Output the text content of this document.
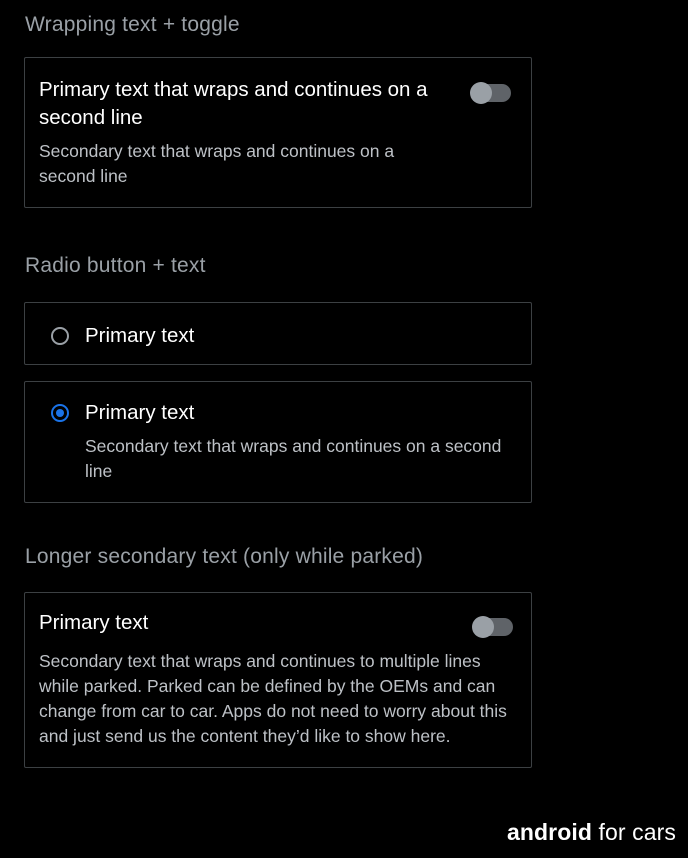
Wrapping text + toggle
Primary text that wraps and continues on a second line
Secondary text that wraps and continues on a second line
Radio button + text
Primary text
Primary text
Secondary text that wraps and continues on a second line
Longer secondary text (only while parked)
Primary text
Secondary text that wraps and continues to multiple lines while parked. Parked can be defined by the OEMs and can change from car to car. Apps do not need to worry about this and just send us the content they’d like to show here.
android for cars
